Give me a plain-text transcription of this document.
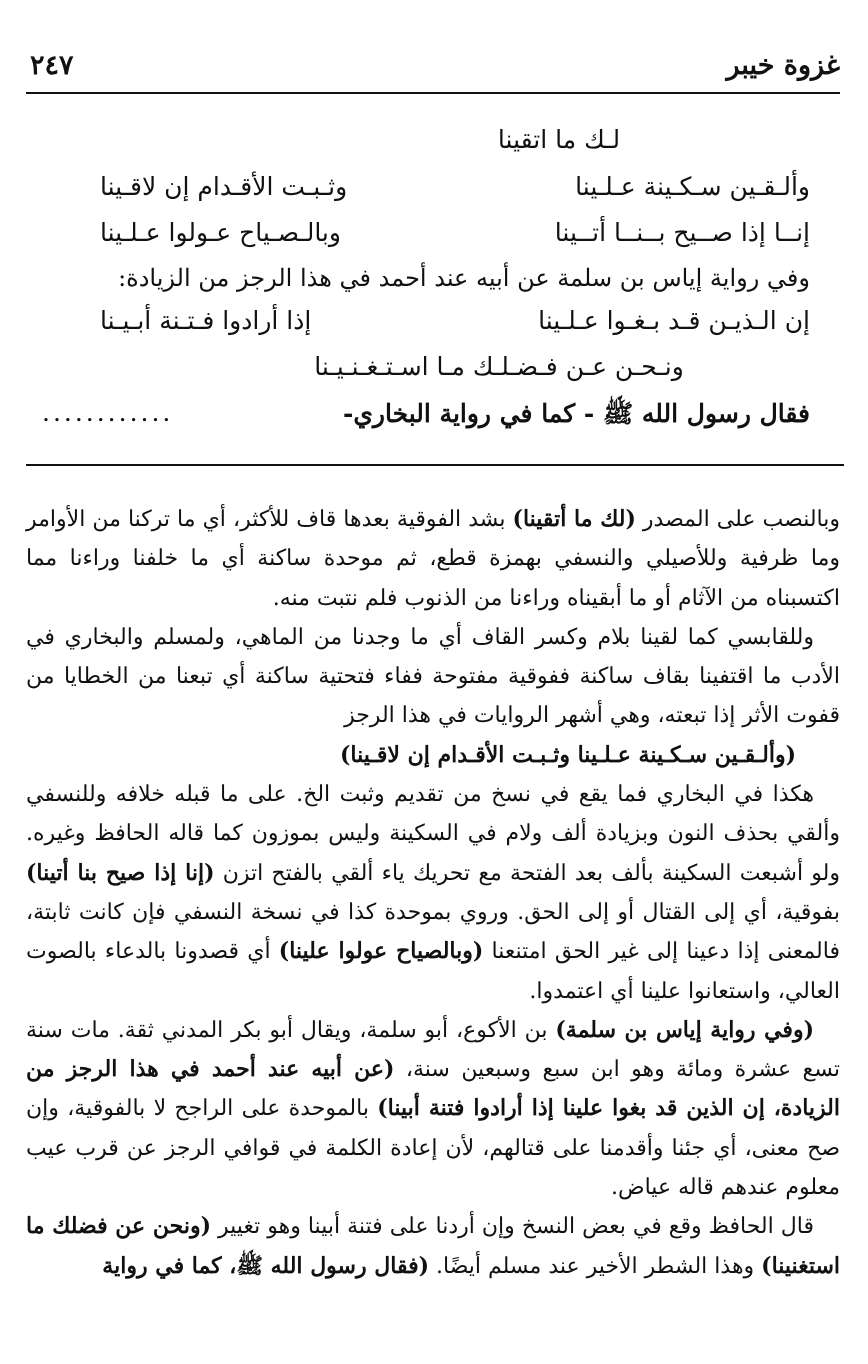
غزوة خيبر
٢٤٧
لـك ما اتقينا
وألـقـين سـكـينة عـلـينا
وثـبـت الأقـدام إن لاقـينا
إنــا إذا صــيح بــنــا أتــينا
وبالـصـياح عـولوا عـلـينا
وفي رواية إياس بن سلمة عن أبيه عند أحمد في هذا الرجز من الزيادة:
إن الـذيـن قـد بـغـوا عـلـينا
إذا أرادوا فـتـنة أبـيـنا
ونـحـن عـن فـضـلـك مـا اسـتـغـنـيـنا
فقال رسول الله ﷺ - كما في رواية البخاري-
............

وبالنصب على المصدر (لك ما أتقينا) بشد الفوقية بعدها قاف للأكثر، أي ما تركنا من الأوامر وما ظرفية وللأصيلي والنسفي بهمزة قطع، ثم موحدة ساكنة أي ما خلفنا وراءنا مما اكتسبناه من الآثام أو ما أبقيناه وراءنا من الذنوب فلم نتبت منه.

وللقابسي كما لقينا بلام وكسر القاف أي ما وجدنا من الماهي، ولمسلم والبخاري في الأدب ما اقتفينا بقاف ساكنة ففوقية مفتوحة ففاء فتحتية ساكنة أي تبعنا من الخطايا من قفوت الأثر إذا تبعته، وهي أشهر الروايات في هذا الرجز

(وألـقـين سـكـينة عـلـينا وثـبـت الأقـدام إن لاقـينا)

هكذا في البخاري فما يقع في نسخ من تقديم وثبت الخ. على ما قبله خلافه وللنسفي وألقي بحذف النون وبزيادة ألف ولام في السكينة وليس بموزون كما قاله الحافظ وغيره. ولو أشبعت السكينة بألف بعد الفتحة مع تحريك ياء ألقي بالفتح اتزن (إنا إذا صيح بنا أتينا) بفوقية، أي إلى القتال أو إلى الحق. وروي بموحدة كذا في نسخة النسفي فإن كانت ثابتة، فالمعنى إذا دعينا إلى غير الحق امتنعنا (وبالصياح عولوا علينا) أي قصدونا بالدعاء بالصوت العالي، واستعانوا علينا أي اعتمدوا.

(وفي رواية إياس بن سلمة) بن الأكوع، أبو سلمة، ويقال أبو بكر المدني ثقة. مات سنة تسع عشرة ومائة وهو ابن سبع وسبعين سنة، (عن أبيه عند أحمد في هذا الرجز من الزيادة، إن الذين قد بغوا علينا إذا أرادوا فتنة أبينا) بالموحدة على الراجح لا بالفوقية، وإن صح معنى، أي جئنا وأقدمنا على قتالهم، لأن إعادة الكلمة في قوافي الرجز عن قرب عيب معلوم عندهم قاله عياض.

قال الحافظ وقع في بعض النسخ وإن أردنا على فتنة أبينا وهو تغيير (ونحن عن فضلك ما استغنينا) وهذا الشطر الأخير عند مسلم أيضًا. (فقال رسول الله ﷺ، كما في رواية
